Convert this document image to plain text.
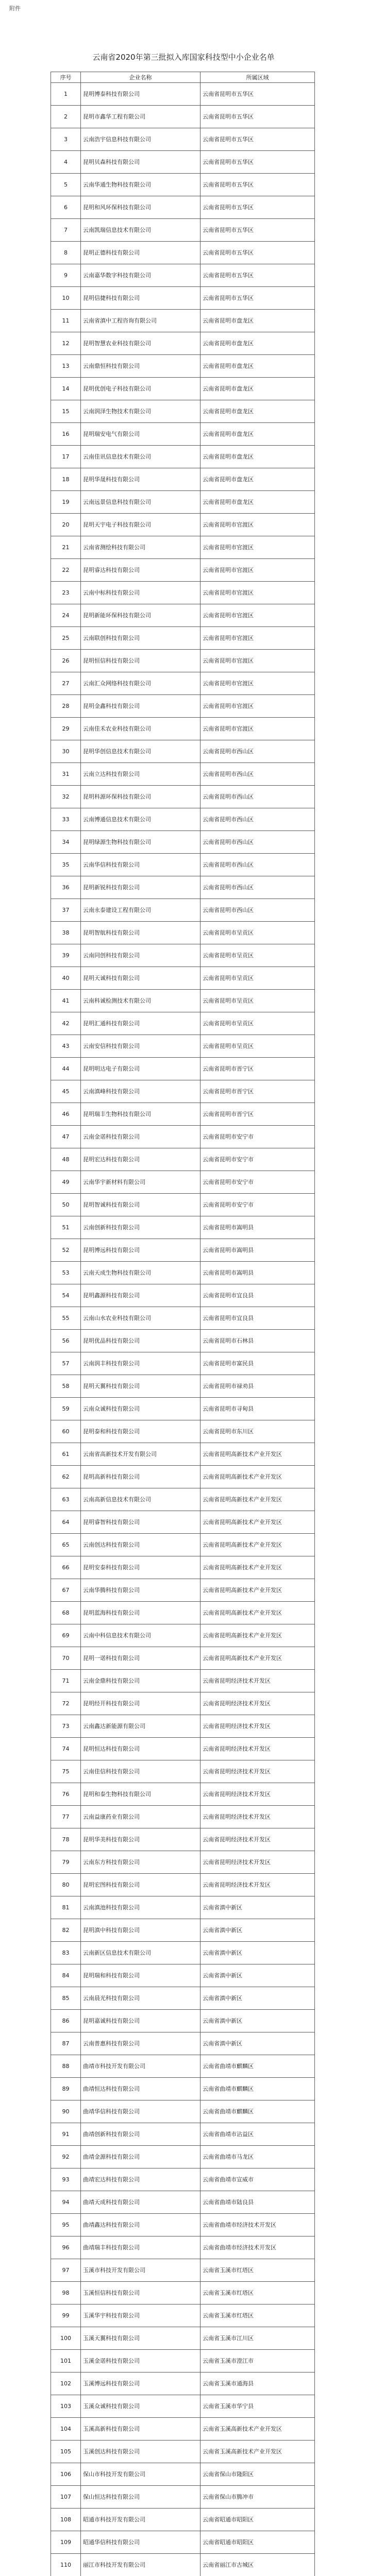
附件
云南省2020年第三批拟入库国家科技型中小企业名单
序号	企业名称	所属区域
1	昆明博泰科技有限公司	云南省昆明市五华区
2	昆明市鑫华工程有限公司	云南省昆明市五华区
3	云南浩宇信息科技有限公司	云南省昆明市五华区
4	昆明贝森科技有限公司	云南省昆明市五华区
5	云南华通生物科技有限公司	云南省昆明市五华区
6	昆明和风环保科技有限公司	云南省昆明市五华区
7	云南凯瑞信息技术有限公司	云南省昆明市五华区
8	昆明正德科技有限公司	云南省昆明市五华区
9	云南嘉华数字科技有限公司	云南省昆明市五华区
10	昆明信捷科技有限公司	云南省昆明市五华区
11	云南省滇中工程咨询有限公司	云南省昆明市盘龙区
12	昆明智慧农业科技有限公司	云南省昆明市盘龙区
13	云南鼎恒科技有限公司	云南省昆明市盘龙区
14	昆明优创电子科技有限公司	云南省昆明市盘龙区
15	云南润泽生物技术有限公司	云南省昆明市盘龙区
16	昆明瑞安电气有限公司	云南省昆明市盘龙区
17	云南佳讯信息技术有限公司	云南省昆明市盘龙区
18	昆明华晟科技有限公司	云南省昆明市盘龙区
19	云南远景信息科技有限公司	云南省昆明市盘龙区
20	昆明天宇电子科技有限公司	云南省昆明市官渡区
21	云南省测绘科技有限公司	云南省昆明市官渡区
22	昆明睿达科技有限公司	云南省昆明市官渡区
23	云南中标科技有限公司	云南省昆明市官渡区
24	昆明新能环保科技有限公司	云南省昆明市官渡区
25	云南联创科技有限公司	云南省昆明市官渡区
26	昆明恒信科技有限公司	云南省昆明市官渡区
27	云南汇众网络科技有限公司	云南省昆明市官渡区
28	昆明金鑫科技有限公司	云南省昆明市官渡区
29	云南佳禾农业科技有限公司	云南省昆明市官渡区
30	昆明华创信息技术有限公司	云南省昆明市西山区
31	云南立达科技有限公司	云南省昆明市西山区
32	昆明科源环保科技有限公司	云南省昆明市西山区
33	云南博通信息技术有限公司	云南省昆明市西山区
34	昆明绿源生物科技有限公司	云南省昆明市西山区
35	云南华信科技有限公司	云南省昆明市西山区
36	昆明新锐科技有限公司	云南省昆明市西山区
37	云南永泰建设工程有限公司	云南省昆明市西山区
38	昆明智航科技有限公司	云南省昆明市呈贡区
39	云南同创科技有限公司	云南省昆明市呈贡区
40	昆明天诚科技有限公司	云南省昆明市呈贡区
41	云南科诚检测技术有限公司	云南省昆明市呈贡区
42	昆明汇通科技有限公司	云南省昆明市呈贡区
43	云南安信科技有限公司	云南省昆明市呈贡区
44	昆明明达电子有限公司	云南省昆明市晋宁区
45	云南滇峰科技有限公司	云南省昆明市晋宁区
46	昆明瑞丰生物科技有限公司	云南省昆明市晋宁区
47	云南金诺科技有限公司	云南省昆明市安宁市
48	昆明宏达科技有限公司	云南省昆明市安宁市
49	云南华宇新材料有限公司	云南省昆明市安宁市
50	昆明智诚科技有限公司	云南省昆明市安宁市
51	云南创新科技有限公司	云南省昆明市嵩明县
52	昆明博远科技有限公司	云南省昆明市嵩明县
53	云南天成生物科技有限公司	云南省昆明市嵩明县
54	昆明鑫源科技有限公司	云南省昆明市宜良县
55	云南山水农业科技有限公司	云南省昆明市宜良县
56	昆明优品科技有限公司	云南省昆明市石林县
57	云南润丰科技有限公司	云南省昆明市富民县
58	昆明天翼科技有限公司	云南省昆明市禄劝县
59	云南众诚科技有限公司	云南省昆明市寻甸县
60	昆明泰和科技有限公司	云南省昆明市东川区
61	云南省高新技术开发有限公司	云南省昆明高新技术产业开发区
62	昆明高新科技有限公司	云南省昆明高新技术产业开发区
63	云南高新信息技术有限公司	云南省昆明高新技术产业开发区
64	昆明睿智科技有限公司	云南省昆明高新技术产业开发区
65	云南创达科技有限公司	云南省昆明高新技术产业开发区
66	昆明安泰科技有限公司	云南省昆明高新技术产业开发区
67	云南华腾科技有限公司	云南省昆明高新技术产业开发区
68	昆明蓝海科技有限公司	云南省昆明高新技术产业开发区
69	云南中科信息技术有限公司	云南省昆明高新技术产业开发区
70	昆明一诺科技有限公司	云南省昆明高新技术产业开发区
71	云南金鼎科技有限公司	云南省昆明经济技术开发区
72	昆明经开科技有限公司	云南省昆明经济技术开发区
73	云南鑫达新能源有限公司	云南省昆明经济技术开发区
74	昆明恒达科技有限公司	云南省昆明经济技术开发区
75	云南佳信科技有限公司	云南省昆明经济技术开发区
76	昆明和泰生物科技有限公司	云南省昆明经济技术开发区
77	云南益康药业有限公司	云南省昆明经济技术开发区
78	昆明华美科技有限公司	云南省昆明经济技术开发区
79	云南东方科技有限公司	云南省昆明经济技术开发区
80	昆明宏图科技有限公司	云南省昆明经济技术开发区
81	云南滇池科技有限公司	云南省滇中新区
82	昆明滇中科技有限公司	云南省滇中新区
83	云南新区信息技术有限公司	云南省滇中新区
84	昆明瑞和科技有限公司	云南省滇中新区
85	云南晨光科技有限公司	云南省滇中新区
86	昆明嘉诚科技有限公司	云南省滇中新区
87	云南普惠科技有限公司	云南省滇中新区
88	曲靖市科技开发有限公司	云南省曲靖市麒麟区
89	曲靖恒达科技有限公司	云南省曲靖市麒麟区
90	曲靖华信科技有限公司	云南省曲靖市麒麟区
91	曲靖创新科技有限公司	云南省曲靖市沾益区
92	曲靖金源科技有限公司	云南省曲靖市马龙区
93	曲靖宏达科技有限公司	云南省曲靖市宣威市
94	曲靖天成科技有限公司	云南省曲靖市陆良县
95	曲靖鑫达科技有限公司	云南省曲靖市经济技术开发区
96	曲靖瑞丰科技有限公司	云南省曲靖市经济技术开发区
97	玉溪市科技开发有限公司	云南省玉溪市红塔区
98	玉溪恒信科技有限公司	云南省玉溪市红塔区
99	玉溪华宇科技有限公司	云南省玉溪市红塔区
100	玉溪天翼科技有限公司	云南省玉溪市江川区
101	玉溪金诺科技有限公司	云南省玉溪市澄江市
102	玉溪博远科技有限公司	云南省玉溪市通海县
103	玉溪众诚科技有限公司	云南省玉溪市华宁县
104	玉溪高新科技有限公司	云南省玉溪高新技术产业开发区
105	玉溪创达科技有限公司	云南省玉溪高新技术产业开发区
106	保山市科技开发有限公司	云南省保山市隆阳区
107	保山恒达科技有限公司	云南省保山市腾冲市
108	昭通市科技开发有限公司	云南省昭通市昭阳区
109	昭通华信科技有限公司	云南省昭通市昭阳区
110	丽江市科技开发有限公司	云南省丽江市古城区
